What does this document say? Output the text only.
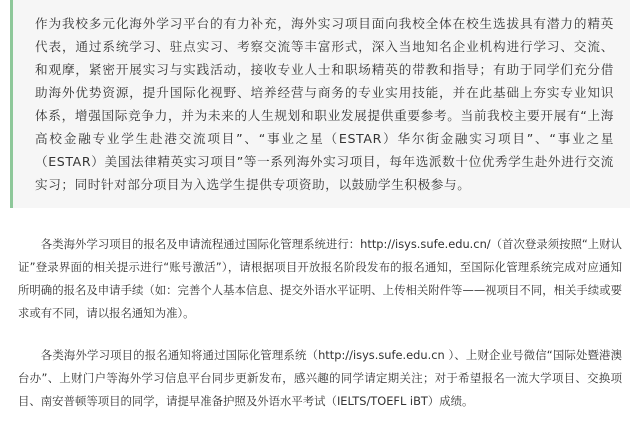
作为我校多元化海外学习平台的有力补充，海外实习项目面向我校全体在校生选拔具有潜力的精英代表，通过系统学习、驻点实习、考察交流等丰富形式，深入当地知名企业机构进行学习、交流、和观摩，紧密开展实习与实践活动，接收专业人士和职场精英的带教和指导；有助于同学们充分借助海外优势资源，提升国际化视野、培养经营与商务的专业实用技能，并在此基础上夯实专业知识体系，增强国际竞争力，并为未来的人生规划和职业发展提供重要参考。当前我校主要开展有“上海高校金融专业学生赴港交流项目”、“事业之星（ESTAR）华尔街金融实习项目”、“事业之星（ESTAR）美国法律精英实习项目”等一系列海外实习项目，每年选派数十位优秀学生赴外进行交流实习；同时针对部分项目为入选学生提供专项资助，以鼓励学生积极参与。

各类海外学习项目的报名及申请流程通过国际化管理系统进行：http://isys.sufe.edu.cn/（首次登录须按照“上财认证”登录界面的相关提示进行“账号激活”），请根据项目开放报名阶段发布的报名通知，至国际化管理系统完成对应通知所明确的报名及申请手续（如：完善个人基本信息、提交外语水平证明、上传相关附件等——视项目不同，相关手续或要求或有不同，请以报名通知为准）。

各类海外学习项目的报名通知将通过国际化管理系统（http://isys.sufe.edu.cn ）、上财企业号微信“国际处暨港澳台办”、上财门户等海外学习信息平台同步更新发布，感兴趣的同学请定期关注；对于希望报名一流大学项目、交换项目、南安普顿等项目的同学，请提早准备护照及外语水平考试（IELTS/TOEFL iBT）成绩。
